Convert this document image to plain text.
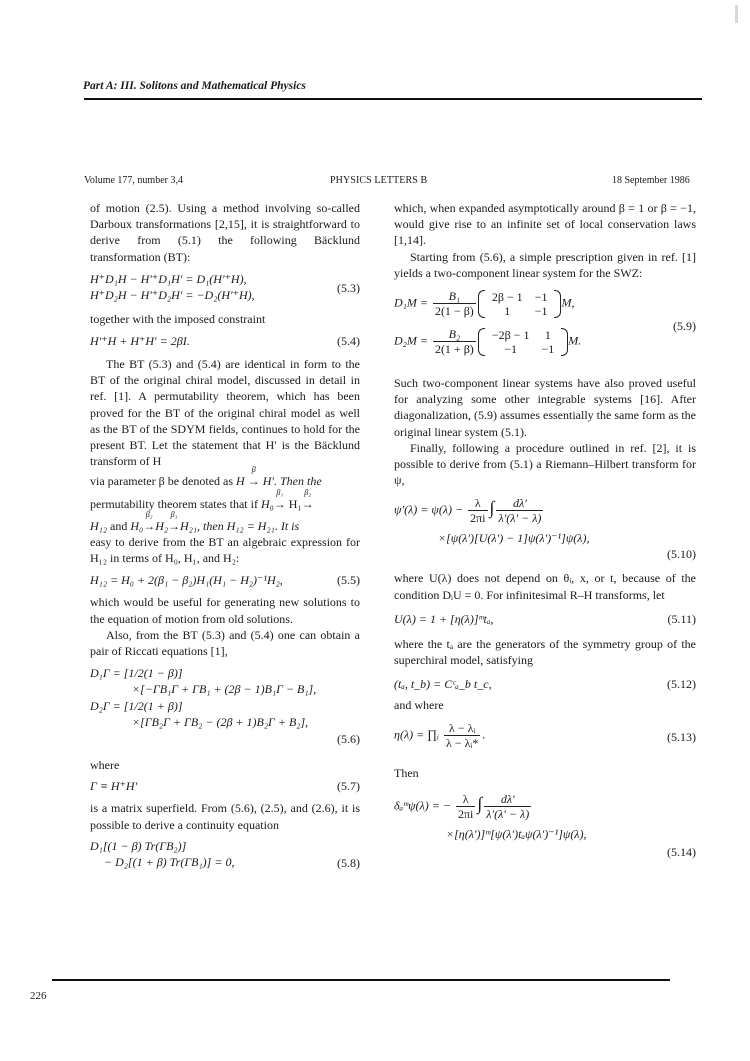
Part A: III. Solitons and Mathematical Physics
Volume 177, number 3,4	PHYSICS LETTERS B	18 September 1986

of motion (2.5). Using a method involving so-called Darboux transformations [2,15], it is straightforward to derive from (5.1) the following Bäcklund transformation (BT):

H⁺D₁H − H′⁺D₁H′ = D₁(H′⁺H),
H⁺D₂H − H′⁺D₂H′ = −D₂(H′⁺H),
(5.3)

together with the imposed constraint

H′⁺H + H⁺H′ = 2βI.	(5.4)

The BT (5.3) and (5.4) are identical in form to the BT of the original chiral model, discussed in detail in ref. [1]. A permutability theorem, which has been proved for the BT of the original chiral model as well as the BT of the SDYM fields, continues to hold for the present BT. Let the statement that H′ is the Bäcklund transform of H

via parameter β be denoted as H →
β
H′. Then the

permutability theorem states that if H₀→
β₁
H₁→
β₂

H₁₂ and H₀→
β₂
H₂→
β₁
H₂₁, then H₁₂ = H₂₁. It is

easy to derive from the BT an algebraic expression for H₁₂ in terms of H₀, H₁, and H₂:

H₁₂ = H₀ + 2(β₁ − β₂)H₁(H₁ − H₂)⁻¹H₂,	(5.5)

which would be useful for generating new solutions to the equation of motion from old solutions.

Also, from the BT (5.3) and (5.4) one can obtain a pair of Riccati equations [1],

D₁Γ = [1/2(1 − β)]
×[−ΓB₁Γ + ΓB₁ + (2β − 1)B₁Γ − B₁],
D₂Γ = [1/2(1 + β)]
×[ΓB₂Γ + ΓB₂ − (2β + 1)B₂Γ + B₂],
(5.6)

where

Γ ≡ H⁺H′	(5.7)

is a matrix superfield. From (5.6), (2.5), and (2.6), it is possible to derive a continuity equation

D₁[(1 − β) Tr(ΓB₂)]
− D₂[(1 + β) Tr(ΓB₁)] = 0,	(5.8)

which, when expanded asymptotically around β = 1 or β = −1, would give rise to an infinite set of local conservation laws [1,14].

Starting from (5.6), a simple prescription given in ref. [1] yields a two-component linear system for the SWZ:

$D_1M = \frac{\text{B₁}}{2(1 - \beta)} 2\beta - 1$	−1
1	−1
M,
$D_2M = \frac{\text{B₂}}{2(1 + \beta)} -2\beta - 1$	1
−1	−1
M.
(5.9)

Such two-component linear systems have also proved useful for analyzing some other integrable systems [16]. After diagonalization, (5.9) assumes essentially the same form as the original linear system (5.1).

Finally, following a procedure outlined in ref. [2], it is possible to derive from (5.1) a Riemann–Hilbert transform for ψ,

$\psi'(\lambda) = \psi(\lambda) - \frac{\lambda}{2\pi i}$ ∫ $\frac{d\lambda'}{\lambda'(\lambda' - \lambda)}$
×[ψ(λ′)[U(λ′) − 1]ψ(λ′)⁻¹]ψ(λ),
(5.10)

where U(λ) does not depend on θᵢ, x, or t, because of the condition DᵢU = 0. For infinitesimal R–H transforms, let

U(λ) = 1 + [η(λ)]ᵐtₐ,	(5.11)

where the tₐ are the generators of the symmetry group of the superchiral model, satisfying

(tₐ, t_b) = Cᶜₐ_b t_c,	(5.12)

and where

η(λ) = ∏ᵢ $\frac{\text{λ − λᵢ}}{\text{λ − λᵢ*}}$ .	(5.13)

Then

δₐᵐψ(λ) = − $\frac{\lambda}{2\pi i}$ ∫ $\frac{d\lambda'}{\lambda'(\lambda' - \lambda)}$
×[η(λ′)]ᵐ[ψ(λ′)tₐψ(λ′)⁻¹]ψ(λ),
(5.14)
226
